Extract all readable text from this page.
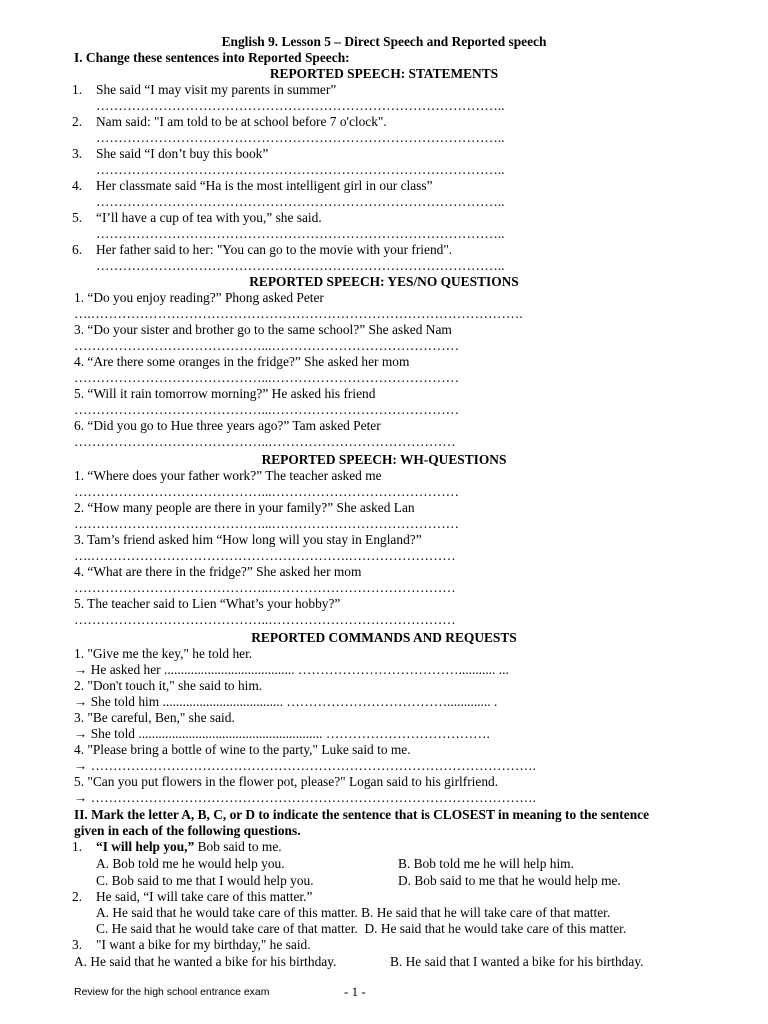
English 9. Lesson 5 – Direct Speech and Reported speech
I. Change these sentences into Reported Speech:
REPORTED SPEECH: STATEMENTS
1. She said “I may visit my parents in summer”
………………………………………………………………………………..
2. Nam said: "I am told to be at school before 7 o'clock".
………………………………………………………………………………..
3. She said “I don’t buy this book”
………………………………………………………………………………..
4. Her classmate said “Ha is the most intelligent girl in our class”
………………………………………………………………………………..
5. “I’ll have a cup of tea with you,” she said.
………………………………………………………………………………..
6. Her father said to her: "You can go to the movie with your friend".
………………………………………………………………………………..
REPORTED SPEECH: YES/NO QUESTIONS
1. “Do you enjoy reading?” Phong asked Peter
….…………………………………………………………………………………….
3. “Do your sister and brother go to the same school?” She asked Nam
……………………………………...……………………………………
4. “Are there some oranges in the fridge?” She asked her mom
……………………………………...……………………………………
5. “Will it rain tomorrow morning?” He asked his friend
……………………………………...……………………………………
6. “Did you go to Hue three years ago?” Tam asked Peter
……………………………………..……………………………………
REPORTED SPEECH: WH-QUESTIONS
1. “Where does your father work?” The teacher asked me
……………………………………...……………………………………
2. “How many people are there in your family?” She asked Lan
……………………………………...……………………………………
3. Tam’s friend asked him “How long will you stay in England?”
….………………………………………………….……………………
4. “What are there in the fridge?” She asked her mom
……………………………………..……………………………………
5. The teacher said to Lien “What’s your hobby?”
……………………………………..……………………………………
REPORTED COMMANDS AND REQUESTS
1. "Give me the key," he told her.
→ He asked her ....................................... ………………………………........... ...
2. "Don't touch it," she said to him.
→ She told him .................................... ………………………………............. .
3. "Be careful, Ben," she said.
→ She told ....................................................... ……………………………….
4. "Please bring a bottle of wine to the party," Luke said to me.
→ ……………………………………………………………………………………….
5. "Can you put flowers in the flower pot, please?" Logan said to his girlfriend.
→ ……………………………………………………………………………………….
II. Mark the letter A, B, C, or D to indicate the sentence that is CLOSEST in meaning to the sentence
given in each of the following questions.
1. “I will help you,” Bob said to me.
A. Bob told me he would help you.	B. Bob told me he will help him.
C. Bob said to me that I would help you.	D. Bob said to me that he would help me.
2. He said, “I will take care of this matter.”
A. He said that he would take care of this matter. B. He said that he will take care of that matter.
C. He said that he would take care of that matter.  D. He said that he would take care of this matter.
3. "I want a bike for my birthday," he said.
A. He said that he wanted a bike for his birthday.	B. He said that I wanted a bike for his birthday.
Review for the high school entrance exam	- 1 -
